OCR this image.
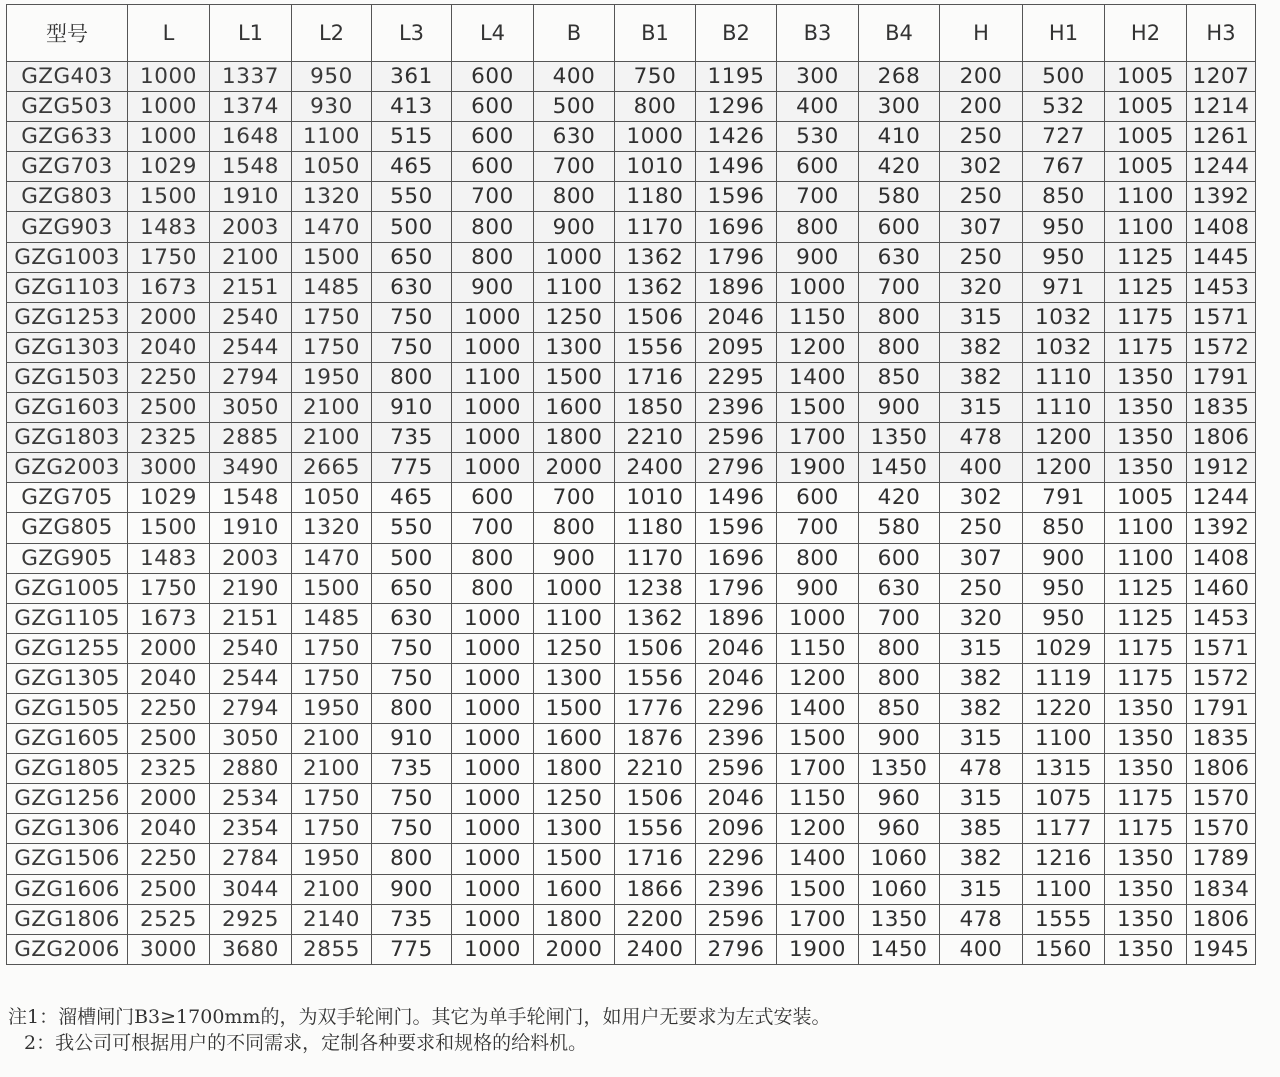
型号	L	L1	L2	L3	L4	B	B1	B2	B3	B4	H	H1	H2	H3
GZG403	1000	1337	950	361	600	400	750	1195	300	268	200	500	1005	1207
GZG503	1000	1374	930	413	600	500	800	1296	400	300	200	532	1005	1214
GZG633	1000	1648	1100	515	600	630	1000	1426	530	410	250	727	1005	1261
GZG703	1029	1548	1050	465	600	700	1010	1496	600	420	302	767	1005	1244
GZG803	1500	1910	1320	550	700	800	1180	1596	700	580	250	850	1100	1392
GZG903	1483	2003	1470	500	800	900	1170	1696	800	600	307	950	1100	1408
GZG1003	1750	2100	1500	650	800	1000	1362	1796	900	630	250	950	1125	1445
GZG1103	1673	2151	1485	630	900	1100	1362	1896	1000	700	320	971	1125	1453
GZG1253	2000	2540	1750	750	1000	1250	1506	2046	1150	800	315	1032	1175	1571
GZG1303	2040	2544	1750	750	1000	1300	1556	2095	1200	800	382	1032	1175	1572
GZG1503	2250	2794	1950	800	1100	1500	1716	2295	1400	850	382	1110	1350	1791
GZG1603	2500	3050	2100	910	1000	1600	1850	2396	1500	900	315	1110	1350	1835
GZG1803	2325	2885	2100	735	1000	1800	2210	2596	1700	1350	478	1200	1350	1806
GZG2003	3000	3490	2665	775	1000	2000	2400	2796	1900	1450	400	1200	1350	1912
GZG705	1029	1548	1050	465	600	700	1010	1496	600	420	302	791	1005	1244
GZG805	1500	1910	1320	550	700	800	1180	1596	700	580	250	850	1100	1392
GZG905	1483	2003	1470	500	800	900	1170	1696	800	600	307	900	1100	1408
GZG1005	1750	2190	1500	650	800	1000	1238	1796	900	630	250	950	1125	1460
GZG1105	1673	2151	1485	630	1000	1100	1362	1896	1000	700	320	950	1125	1453
GZG1255	2000	2540	1750	750	1000	1250	1506	2046	1150	800	315	1029	1175	1571
GZG1305	2040	2544	1750	750	1000	1300	1556	2046	1200	800	382	1119	1175	1572
GZG1505	2250	2794	1950	800	1000	1500	1776	2296	1400	850	382	1220	1350	1791
GZG1605	2500	3050	2100	910	1000	1600	1876	2396	1500	900	315	1100	1350	1835
GZG1805	2325	2880	2100	735	1000	1800	2210	2596	1700	1350	478	1315	1350	1806
GZG1256	2000	2534	1750	750	1000	1250	1506	2046	1150	960	315	1075	1175	1570
GZG1306	2040	2354	1750	750	1000	1300	1556	2096	1200	960	385	1177	1175	1570
GZG1506	2250	2784	1950	800	1000	1500	1716	2296	1400	1060	382	1216	1350	1789
GZG1606	2500	3044	2100	900	1000	1600	1866	2396	1500	1060	315	1100	1350	1834
GZG1806	2525	2925	2140	735	1000	1800	2200	2596	1700	1350	478	1555	1350	1806
GZG2006	3000	3680	2855	775	1000	2000	2400	2796	1900	1450	400	1560	1350	1945

注1：溜槽闸门B3≥1700mm的，为双手轮闸门。其它为单手轮闸门，如用户无要求为左式安装。

2：我公司可根据用户的不同需求，定制各种要求和规格的给料机。
